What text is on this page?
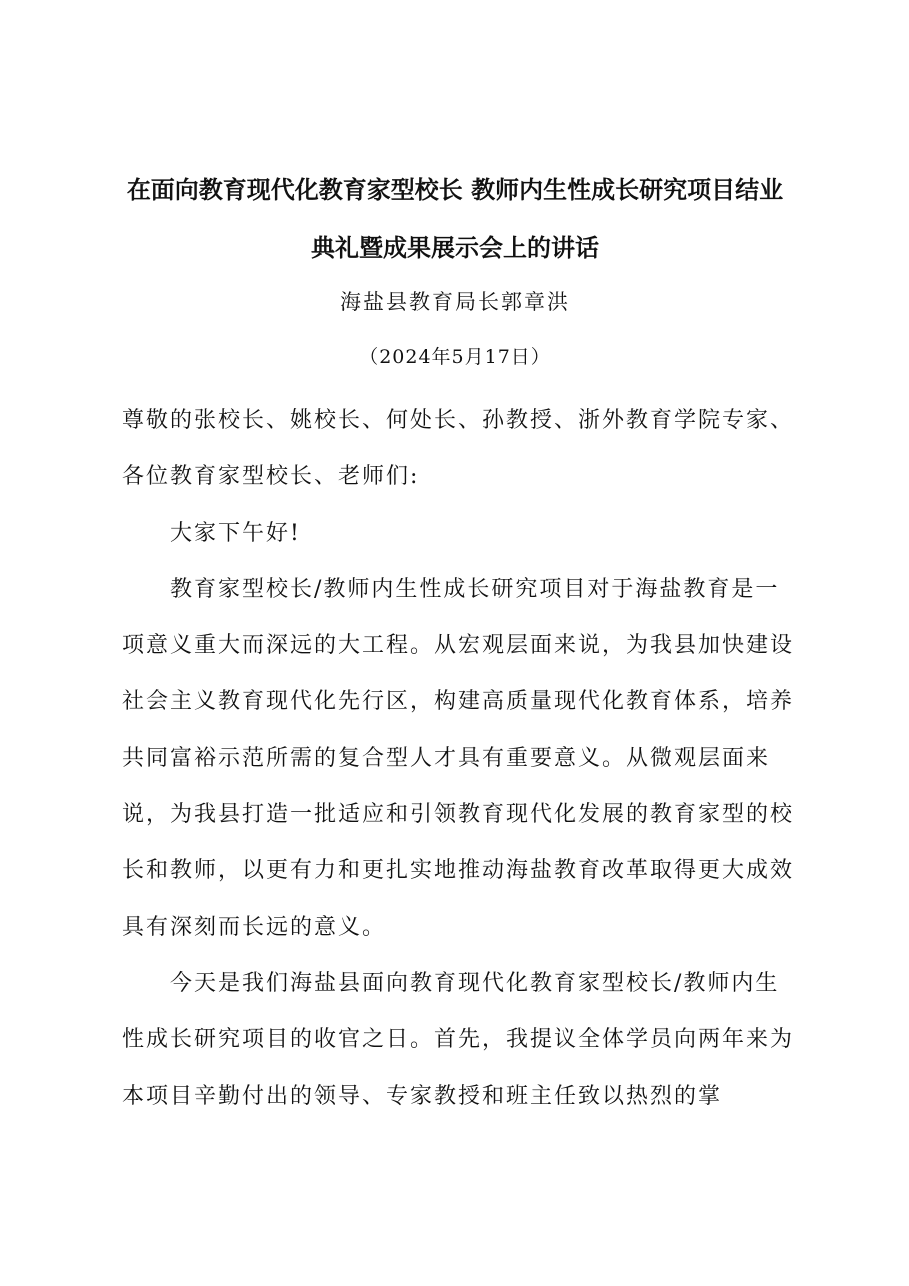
在面向教育现代化教育家型校长 教师内生性成长研究项目结业
典礼暨成果展示会上的讲话
海盐县教育局长郭章洪
（2024年5月17日）

尊敬的张校长、姚校长、何处长、孙教授、浙外教育学院专家、各位教育家型校长、老师们:

大家下午好!

教育家型校长/教师内生性成长研究项目对于海盐教育是一项意义重大而深远的大工程。从宏观层面来说，为我县加快建设社会主义教育现代化先行区，构建高质量现代化教育体系，培养共同富裕示范所需的复合型人才具有重要意义。从微观层面来说，为我县打造一批适应和引领教育现代化发展的教育家型的校长和教师，以更有力和更扎实地推动海盐教育改革取得更大成效具有深刻而长远的意义。

今天是我们海盐县面向教育现代化教育家型校长/教师内生性成长研究项目的收官之日。首先，我提议全体学员向两年来为本项目辛勤付出的领导、专家教授和班主任致以热烈的掌
